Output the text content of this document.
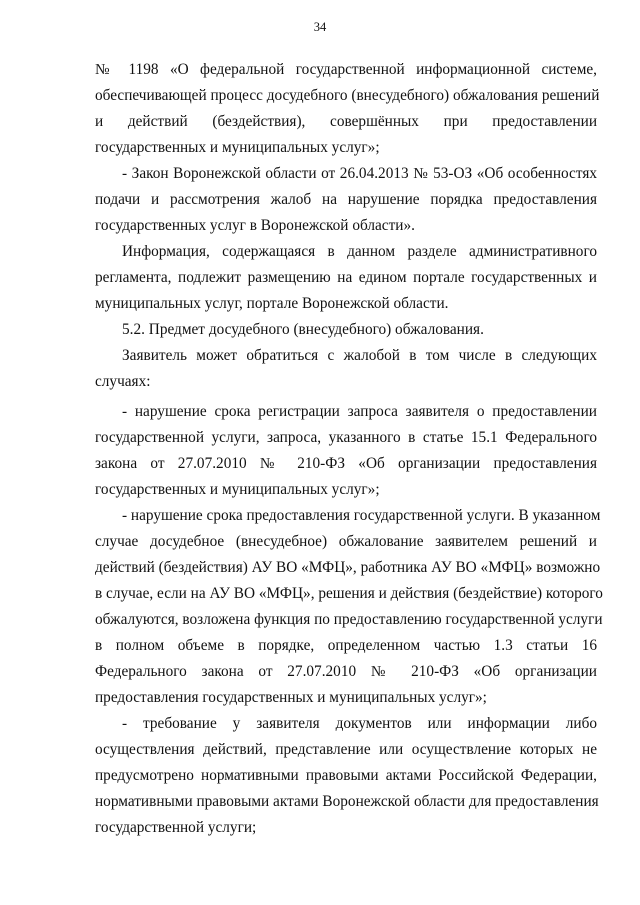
34
№ 1198 «О федеральной государственной информационной системе,
обеспечивающей процесс досудебного (внесудебного) обжалования решений
и действий (бездействия), совершённых при предоставлении
государственных и муниципальных услуг»;
- Закон Воронежской области от 26.04.2013 № 53-ОЗ «Об особенностях
подачи и рассмотрения жалоб на нарушение порядка предоставления
государственных услуг в Воронежской области».
Информация, содержащаяся в данном разделе административного
регламента, подлежит размещению на едином портале государственных и
муниципальных услуг, портале Воронежской области.
5.2. Предмет досудебного (внесудебного) обжалования.
Заявитель может обратиться с жалобой в том числе в следующих
случаях:
- нарушение срока регистрации запроса заявителя о предоставлении
государственной услуги, запроса, указанного в статье 15.1 Федерального
закона от 27.07.2010 № 210-ФЗ «Об организации предоставления
государственных и муниципальных услуг»;
- нарушение срока предоставления государственной услуги. В указанном
случае досудебное (внесудебное) обжалование заявителем решений и
действий (бездействия) АУ ВО «МФЦ», работника АУ ВО «МФЦ» возможно
в случае, если на АУ ВО «МФЦ», решения и действия (бездействие) которого
обжалуются, возложена функция по предоставлению государственной услуги
в полном объеме в порядке, определенном частью 1.3 статьи 16
Федерального закона от 27.07.2010 № 210-ФЗ «Об организации
предоставления государственных и муниципальных услуг»;
- требование у заявителя документов или информации либо
осуществления действий, представление или осуществление которых не
предусмотрено нормативными правовыми актами Российской Федерации,
нормативными правовыми актами Воронежской области для предоставления
государственной услуги;
